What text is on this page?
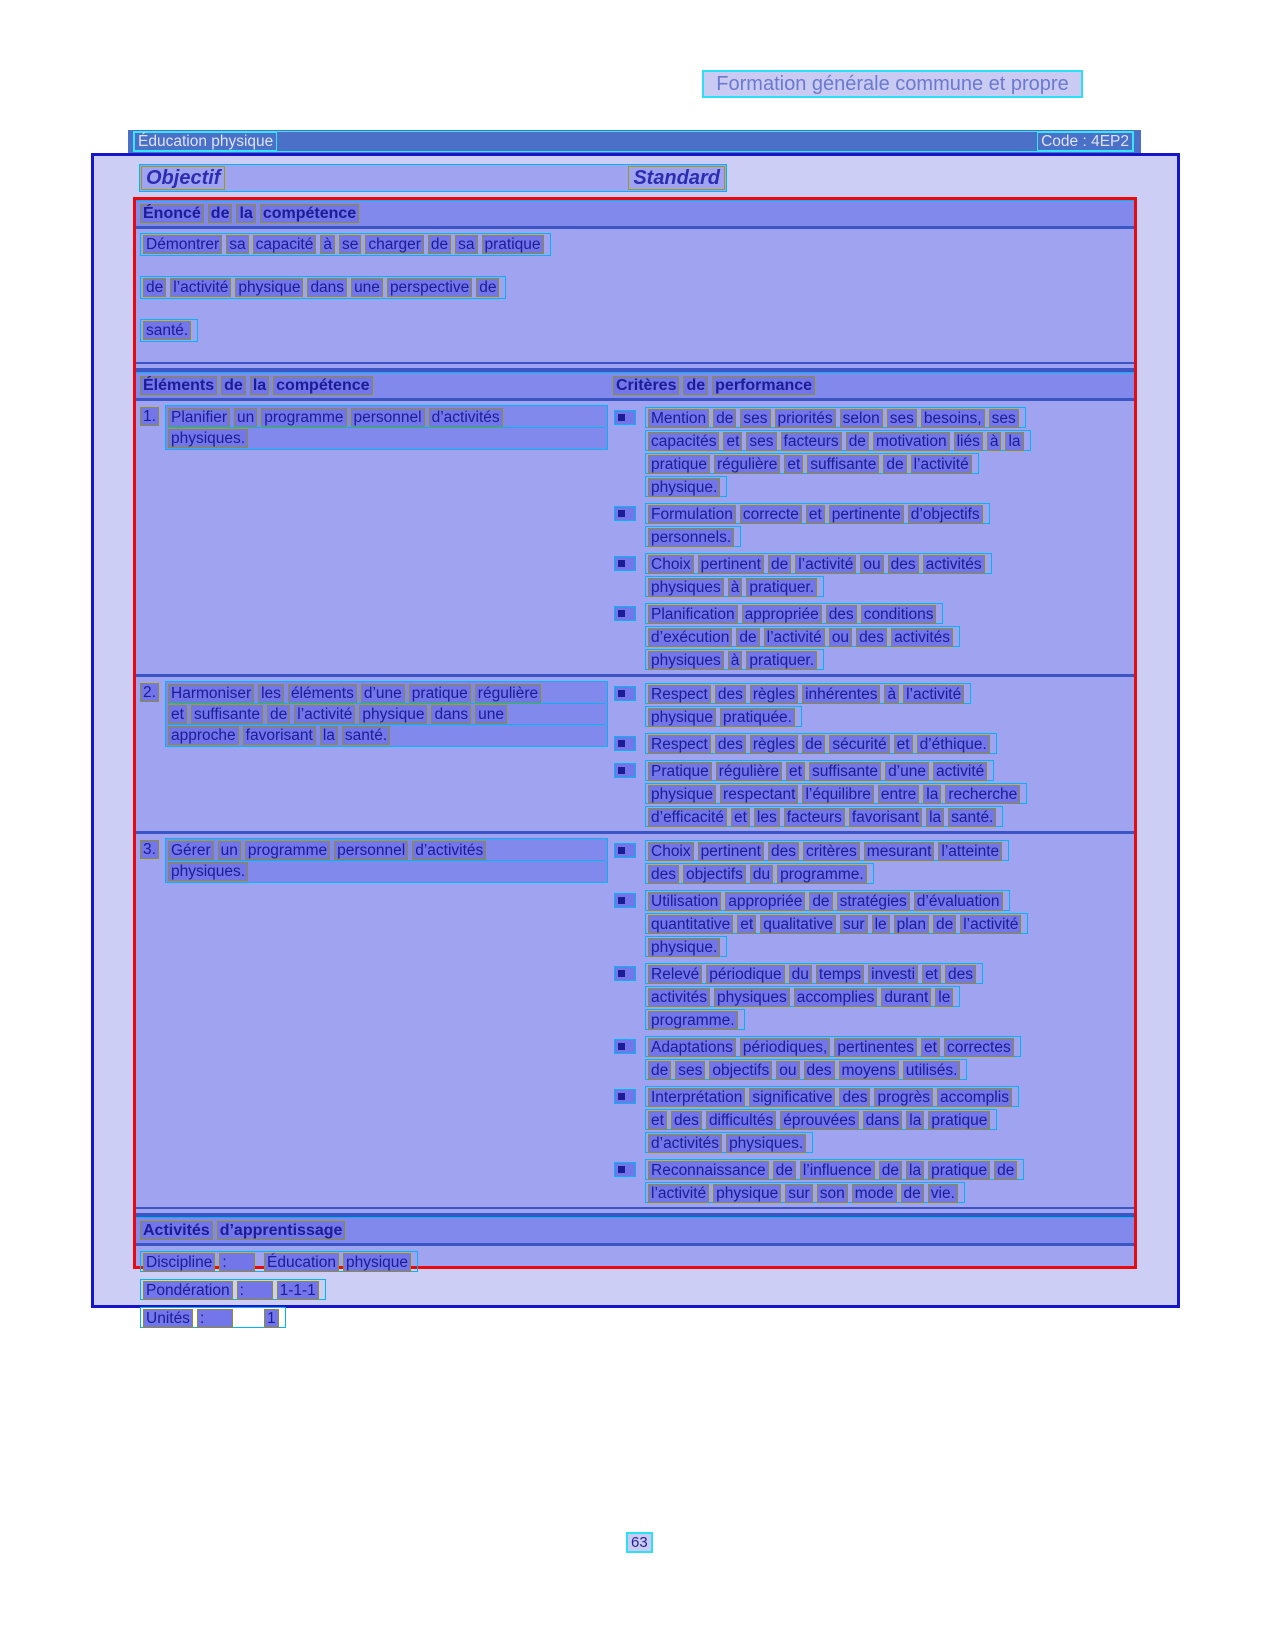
Formation générale commune et propre
Éducation physique	Code : 4EP2
Objectif	Standard
Énoncé de la compétence
Démontrer sa capacité à se charger de sa pratique

de l’activité physique dans une perspective de

santé.

Éléments de la compétence	Critères de performance
1. Planifier un programme personnel d’activités
physiques.
Mention de ses priorités selon ses besoins, ses
capacités et ses facteurs de motivation liés à la
pratique régulière et suffisante de l’activité
physique.
Formulation correcte et pertinente d’objectifs
personnels.
Choix pertinent de l’activité ou des activités
physiques à pratiquer.
Planification appropriée des conditions
d’exécution de l’activité ou des activités
physiques à pratiquer.
2. Harmoniser les éléments d’une pratique régulière
et suffisante de l’activité physique dans une
approche favorisant la santé.
Respect des règles inhérentes à l’activité
physique pratiquée.
Respect des règles de sécurité et d’éthique.
Pratique régulière et suffisante d’une activité
physique respectant l’équilibre entre la recherche
d’efficacité et les facteurs favorisant la santé.
3. Gérer un programme personnel d’activités
physiques.
Choix pertinent des critères mesurant l’atteinte
des objectifs du programme.
Utilisation appropriée de stratégies d’évaluation
quantitative et qualitative sur le plan de l’activité
physique.
Relevé périodique du temps investi et des
activités physiques accomplies durant le
programme.
Adaptations périodiques, pertinentes et correctes
de ses objectifs ou des moyens utilisés.
Interprétation significative des progrès accomplis
et des difficultés éprouvées dans la pratique
d’activités physiques.
Reconnaissance de l’influence de la pratique de
l’activité physique sur son mode de vie.
Activités d’apprentissage
Discipline :	Éducation physique
Pondération : 1-1-1
Unités :	1
63
